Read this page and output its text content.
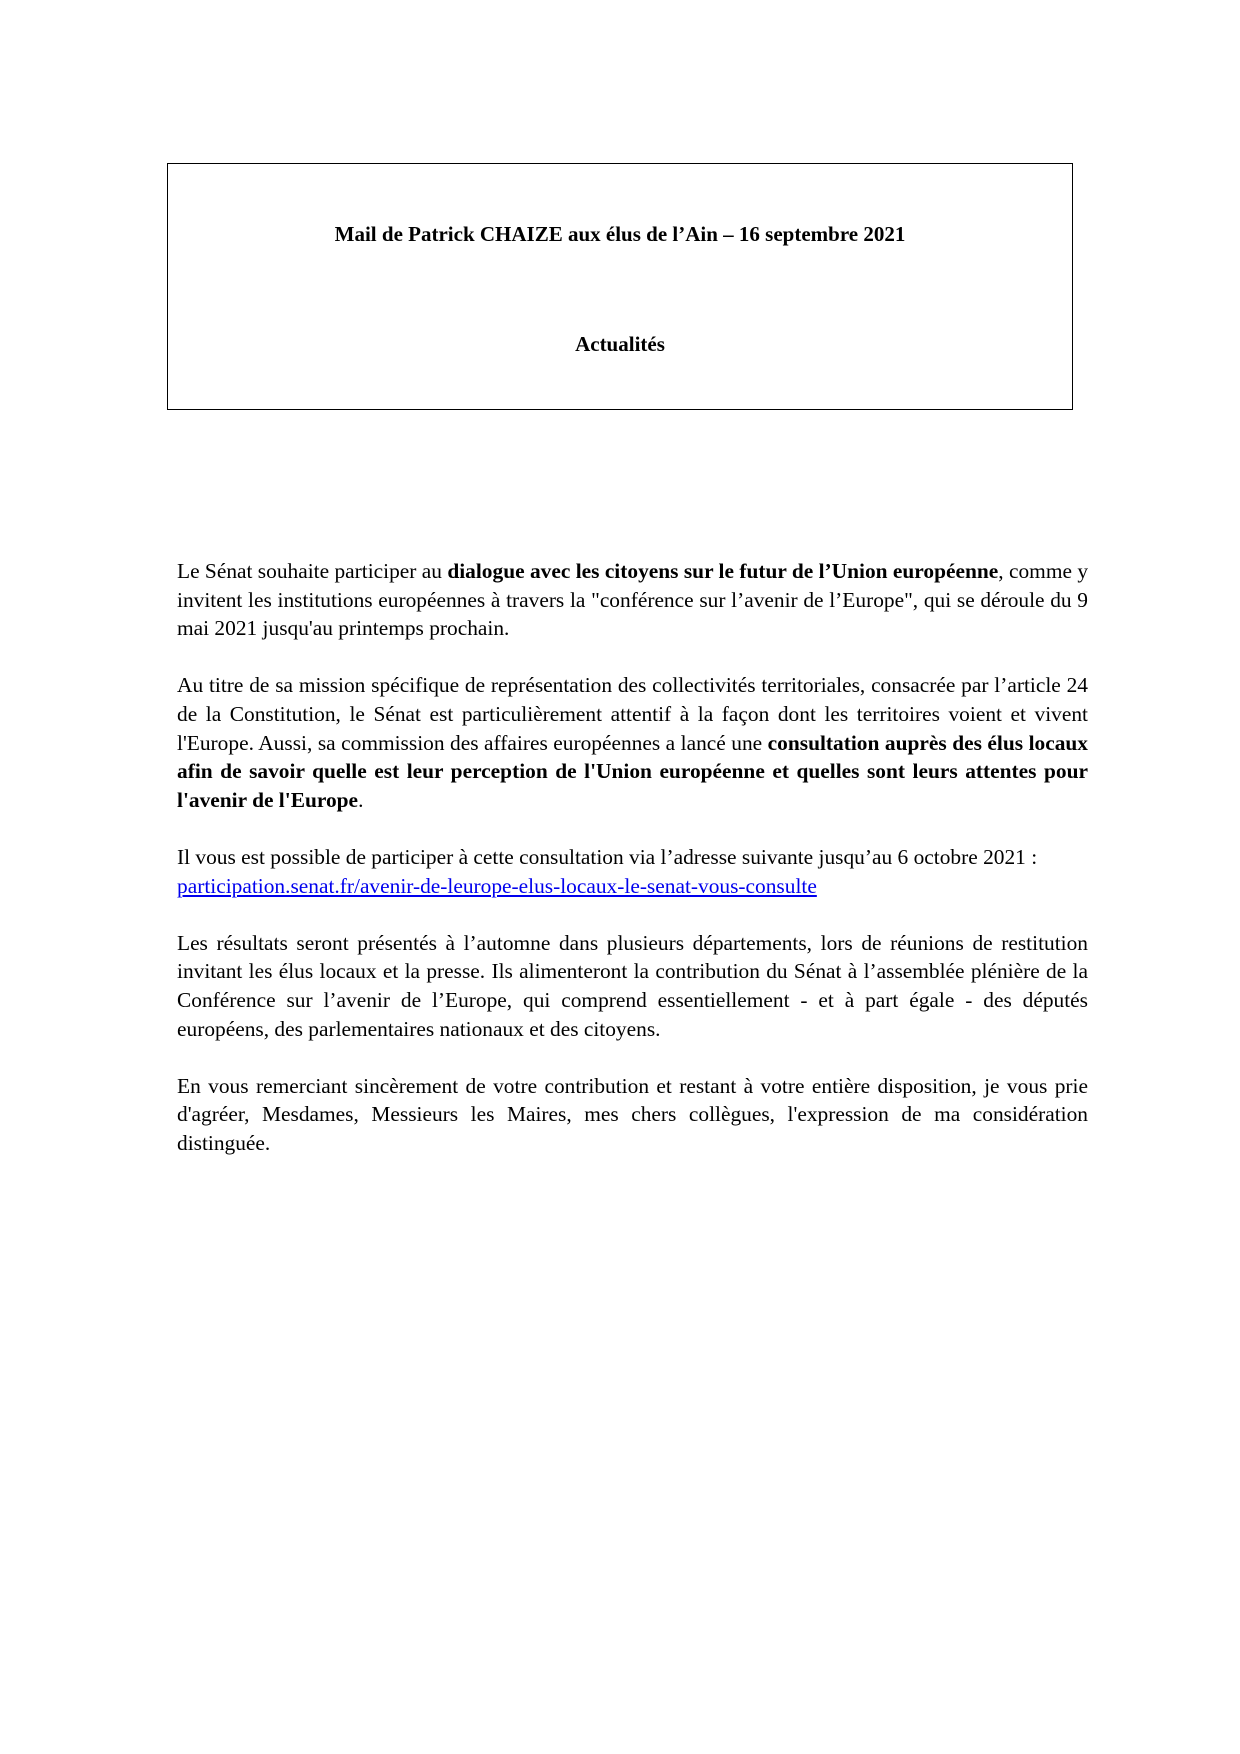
Mail de Patrick CHAIZE aux élus de l’Ain – 16 septembre 2021
Actualités

Le Sénat souhaite participer au dialogue avec les citoyens sur le futur de l’Union européenne, comme y invitent les institutions européennes à travers la "conférence sur l’avenir de l’Europe", qui se déroule du 9 mai 2021 jusqu'au printemps prochain.

Au titre de sa mission spécifique de représentation des collectivités territoriales, consacrée par l’article 24 de la Constitution, le Sénat est particulièrement attentif à la façon dont les territoires voient et vivent l'Europe. Aussi, sa commission des affaires européennes a lancé une consultation auprès des élus locaux afin de savoir quelle est leur perception de l'Union européenne et quelles sont leurs attentes pour l'avenir de l'Europe.

Il vous est possible de participer à cette consultation via l’adresse suivante jusqu’au 6 octobre 2021 : participation.senat.fr/avenir-de-leurope-elus-locaux-le-senat-vous-consulte

Les résultats seront présentés à l’automne dans plusieurs départements, lors de réunions de restitution invitant les élus locaux et la presse. Ils alimenteront la contribution du Sénat à l’assemblée plénière de la Conférence sur l’avenir de l’Europe, qui comprend essentiellement - et à part égale - des députés européens, des parlementaires nationaux et des citoyens.

En vous remerciant sincèrement de votre contribution et restant à votre entière disposition, je vous prie d'agréer, Mesdames, Messieurs les Maires, mes chers collègues, l'expression de ma considération distinguée.
